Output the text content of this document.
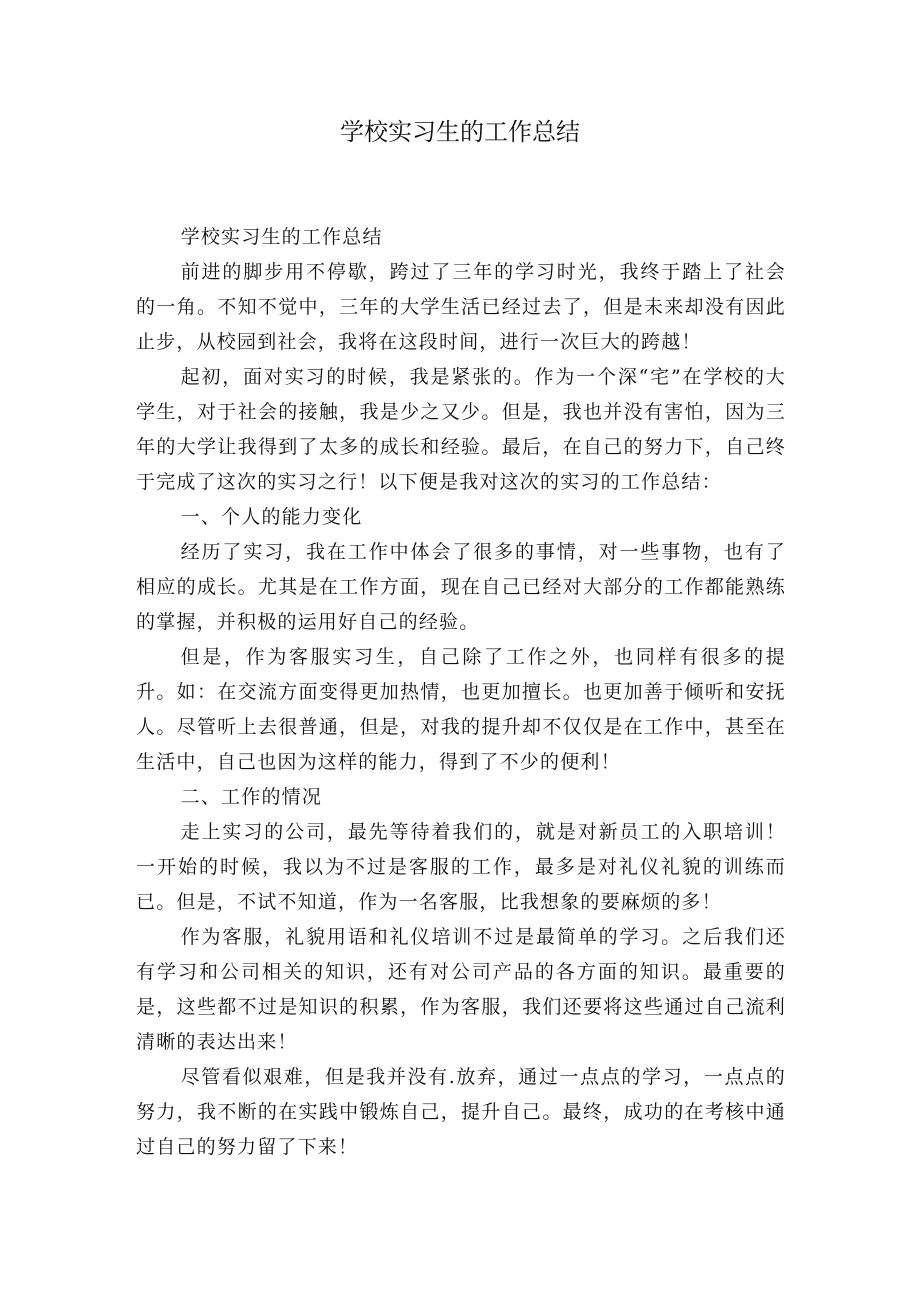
学校实习生的工作总结

学校实习生的工作总结

前进的脚步用不停歇，跨过了三年的学习时光，我终于踏上了社会的一角。不知不觉中，三年的大学生活已经过去了，但是未来却没有因此止步，从校园到社会，我将在这段时间，进行一次巨大的跨越！

起初，面对实习的时候，我是紧张的。作为一个深“宅”在学校的大学生，对于社会的接触，我是少之又少。但是，我也并没有害怕，因为三年的大学让我得到了太多的成长和经验。最后，在自己的努力下，自己终于完成了这次的实习之行！以下便是我对这次的实习的工作总结：

一、个人的能力变化

经历了实习，我在工作中体会了很多的事情，对一些事物，也有了相应的成长。尤其是在工作方面，现在自己已经对大部分的工作都能熟练的掌握，并积极的运用好自己的经验。

但是，作为客服实习生，自己除了工作之外，也同样有很多的提升。如：在交流方面变得更加热情，也更加擅长。也更加善于倾听和安抚人。尽管听上去很普通，但是，对我的提升却不仅仅是在工作中，甚至在生活中，自己也因为这样的能力，得到了不少的便利！

二、工作的情况

走上实习的公司，最先等待着我们的，就是对新员工的入职培训！一开始的时候，我以为不过是客服的工作，最多是对礼仪礼貌的训练而已。但是，不试不知道，作为一名客服，比我想象的要麻烦的多！

作为客服，礼貌用语和礼仪培训不过是最简单的学习。之后我们还有学习和公司相关的知识，还有对公司产品的各方面的知识。最重要的是，这些都不过是知识的积累，作为客服，我们还要将这些通过自己流利清晰的表达出来！

尽管看似艰难，但是我并没有.放弃，通过一点点的学习，一点点的努力，我不断的在实践中锻炼自己，提升自己。最终，成功的在考核中通过自己的努力留了下来！
